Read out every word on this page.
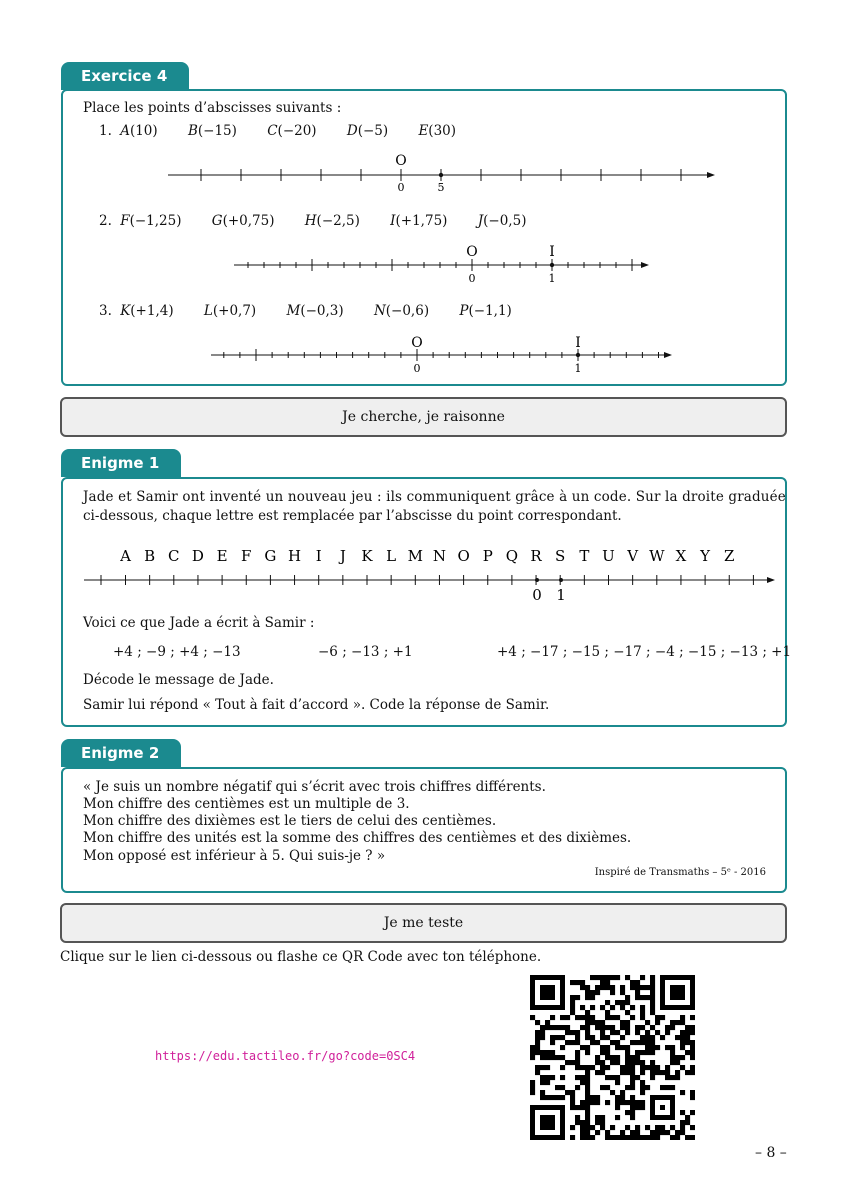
Exercice 4
Place les points d’abscisses suivants :
1. A(10) B(−15) C(−20) D(−5) E(30)
O
0	5
2. F(−1,25) G(+0,75) H(−2,5) I(+1,75) J(−0,5)
O	I
0	1
3. K(+1,4) L(+0,7) M(−0,3) N(−0,6) P(−1,1)
O	I
0	1
Je cherche, je raisonne
Enigme 1
Jade et Samir ont inventé un nouveau jeu : ils communiquent grâce à un code. Sur la droite graduée
ci-dessous, chaque lettre est remplacée par l’abscisse du point correspondant.
A B C D E F G H I J K L M N O P Q R S T U V W X Y Z
0 1
Voici ce que Jade a écrit à Samir :
+4 ; −9 ; +4 ; −13	−6 ; −13 ; +1	+4 ; −17 ; −15 ; −17 ; −4 ; −15 ; −13 ; +1
Décode le message de Jade.
Samir lui répond « Tout à fait d’accord ». Code la réponse de Samir.
Enigme 2
« Je suis un nombre négatif qui s’écrit avec trois chiffres différents.
Mon chiffre des centièmes est un multiple de 3.
Mon chiffre des dixièmes est le tiers de celui des centièmes.
Mon chiffre des unités est la somme des chiffres des centièmes et des dixièmes.
Mon opposé est inférieur à 5. Qui suis-je ? »
Inspiré de Transmaths – 5ᵉ - 2016
Je me teste
Clique sur le lien ci-dessous ou flashe ce QR Code avec ton téléphone.
https://edu.tactileo.fr/go?code=0SC4
– 8 –
